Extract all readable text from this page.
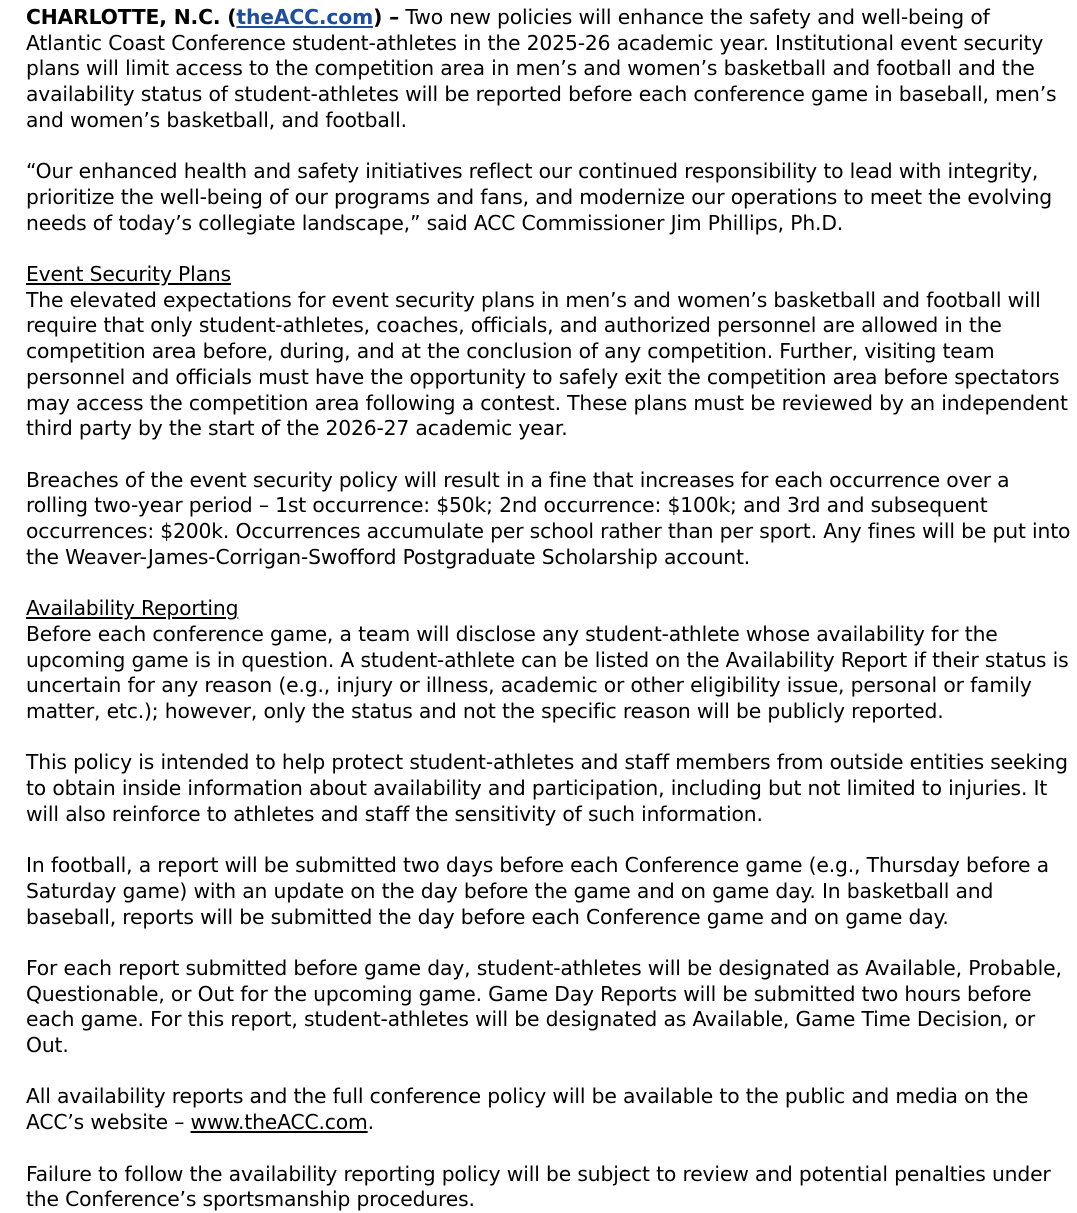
CHARLOTTE, N.C. (theACC.com) – Two new policies will enhance the safety and well-being of Atlantic Coast Conference student-athletes in the 2025-26 academic year. Institutional event security plans will limit access to the competition area in men’s and women’s basketball and football and the availability status of student-athletes will be reported before each conference game in baseball, men’s and women’s basketball, and football.

“Our enhanced health and safety initiatives reflect our continued responsibility to lead with integrity, prioritize the well-being of our programs and fans, and modernize our operations to meet the evolving needs of today’s collegiate landscape,” said ACC Commissioner Jim Phillips, Ph.D.

Event Security Plans

The elevated expectations for event security plans in men’s and women’s basketball and football will require that only student-athletes, coaches, officials, and authorized personnel are allowed in the competition area before, during, and at the conclusion of any competition. Further, visiting team personnel and officials must have the opportunity to safely exit the competition area before spectators may access the competition area following a contest. These plans must be reviewed by an independent third party by the start of the 2026-27 academic year.

Breaches of the event security policy will result in a fine that increases for each occurrence over a rolling two-year period – 1st occurrence: $50k; 2nd occurrence: $100k; and 3rd and subsequent occurrences: $200k. Occurrences accumulate per school rather than per sport. Any fines will be put into the Weaver-James-Corrigan-Swofford Postgraduate Scholarship account.

Availability Reporting

Before each conference game, a team will disclose any student-athlete whose availability for the upcoming game is in question. A student-athlete can be listed on the Availability Report if their status is uncertain for any reason (e.g., injury or illness, academic or other eligibility issue, personal or family matter, etc.); however, only the status and not the specific reason will be publicly reported.

This policy is intended to help protect student-athletes and staff members from outside entities seeking to obtain inside information about availability and participation, including but not limited to injuries. It will also reinforce to athletes and staff the sensitivity of such information.

In football, a report will be submitted two days before each Conference game (e.g., Thursday before a Saturday game) with an update on the day before the game and on game day. In basketball and baseball, reports will be submitted the day before each Conference game and on game day.

For each report submitted before game day, student-athletes will be designated as Available, Probable, Questionable, or Out for the upcoming game. Game Day Reports will be submitted two hours before each game. For this report, student-athletes will be designated as Available, Game Time Decision, or Out.

All availability reports and the full conference policy will be available to the public and media on the ACC’s website – www.theACC.com.

Failure to follow the availability reporting policy will be subject to review and potential penalties under the Conference’s sportsmanship procedures.
